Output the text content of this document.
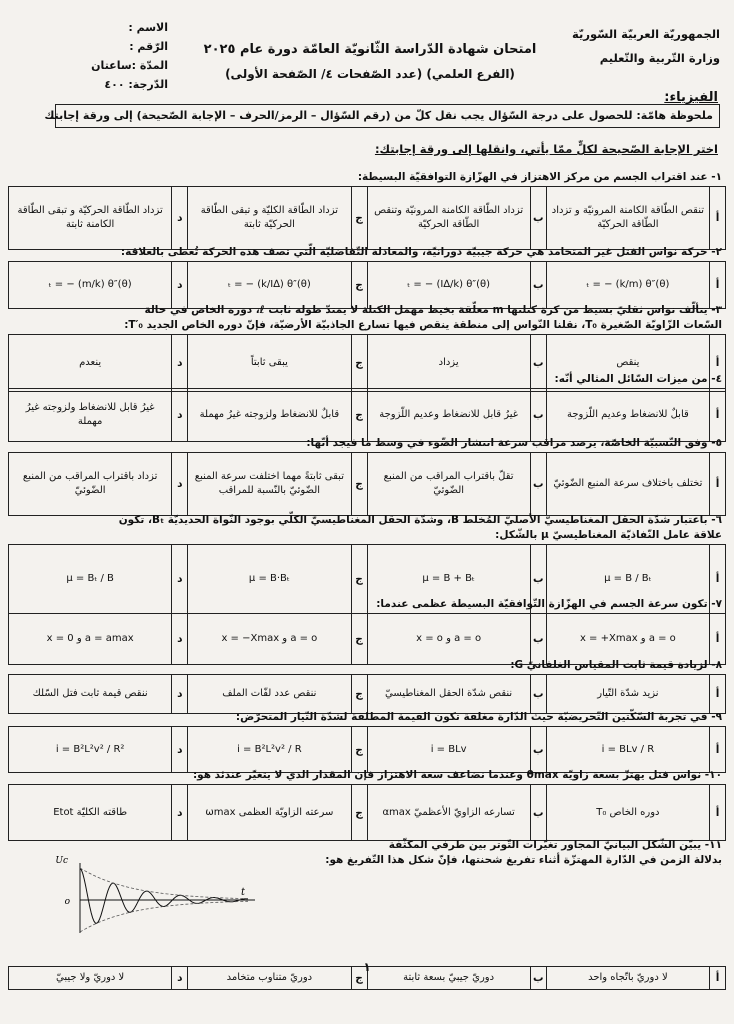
الجمهوريّة العربيّة السّوريّة
وزارة التّربية والتّعليم
امتحان شهادة الدّراسة الثّانويّة العامّة دورة عام ٢٠٢٥
(الفرع العلمي) (عدد الصّفحات ٤/ الصّفحة الأولى)
الاسم :
الرّقم :
المدّة :ساعتان
الدّرجة: ٤٠٠
الفيزياء:
ملحوظة هامّة: للحصول على درجة السّؤال يجب نقل كلّ من (رقم السّؤال – الرمز/الحرف – الإجابة الصّحيحة) إلى ورقة إجابتك
اختر الإجابة الصّحيحة لكلٍّ ممّا يأتي، وانقلها إلى ورقة إجابتك:
١- عند اقتراب الجسم من مركز الاهتزاز في الهزّازة التوافقيّة البسيطة:
أ
تنقص الطّاقة الكامنة المرونيّة و تزداد الطّاقة الحركيّة
ب
تزداد الطّاقة الكامنة المرونيّة وتنقص الطّاقة الحركيّة
ج
تزداد الطّاقة الكليّة و تبقى الطّاقة الحركيّة ثابتة
د
تزداد الطّاقة الحركيّة و تبقى الطّاقة الكامنة ثابتة
٢- حركة نواس الفتل غير المتخامد هي حركة جيبيّة دورانيّة، والمعادلة التّفاضليّة الّتي تصف هذه الحركة تُعطى بالعلاقة:
أ
(θ)″ₜ = − (k/m) θ
ب
(θ)″ₜ = − (I∆/k) θ
ج
(θ)″ₜ = − (k/I∆) θ
د
(θ)″ₜ = − (m/k) θ
٣- يتألّف نواس ثقليّ بسيط من كرة كتلتها m معلّقة بخيط مهمل الكتلة لا يمتدّ طوله ثابت ℓ، دوره الخاص في حالة
السّعات الزّاويّة الصّغيرة T₀، نقلنا النّواس إلى منطقة ينقص فيها تسارع الجاذبيّة الأرضيّة، فإنّ دوره الخاص الجديد T′₀:
أ
ينقص
ب
يزداد
ج
يبقى ثابتاً
د
ينعدم
٤- من ميزات السّائل المثالي أنّه:
أ
قابلٌ للانضغاط وعديم اللّزوجة
ب
غيرُ قابل للانضغاط وعديم اللّزوجة
ج
قابلٌ للانضغاط ولزوجته غيرُ مهملة
د
غيرُ قابل للانضغاط ولزوجته غيرُ مهملة
٥- وفق النّسبيّة الخاصّة، يرصد مراقب سرعة انتشار الضّوء في وسط ما فيجد أنّها:
أ
تختلف باختلاف سرعة المنبع الضّوئيّ
ب
تقلّ باقتراب المراقب من المنبع الضّوئيّ
ج
تبقى ثابتةً مهما اختلفت سرعة المنبع الضّوئيّ بالنّسبة للمراقب
د
تزداد باقتراب المراقب من المنبع الضّوئيّ
٦- باعتبار شدّة الحقل المغناطيسيّ الأصليّ المُخلط B، وشدّة الحقل المغناطيسيّ الكلّي بوجود النّواة الحديديّة Bₜ، تكون
علاقة عامل النّفاذيّة المغناطيسيّ μ بالشّكل:
أ
μ = B / Bₜ
ب
μ = B + Bₜ
ج
μ = B·Bₜ
د
μ = Bₜ / B
٧- تكون سرعة الجسم في الهزّازة التّوافقيّة البسيطة عظمى عندما:
أ
a = o و x = +Xmax
ب
a = o و x = o
ج
a = o و x = −Xmax
د
a = amax و x = 0
٨- لزيادة قيمة ثابت المقياس الغلفانيّ G:
أ
نزيد شدّة التّيار
ب
ننقص شدّة الحقل المغناطيسيّ
ج
ننقص عدد لفّات الملف
د
ننقص قيمة ثابت فتل السّلك
٩- في تجربة السّكّتين التّحريضيّة حيث الدّارة مغلقة تكون القيمة المطلقة لشدّة التّيار المتحرّض:
أ
i = BLv / R
ب
i = BLv
ج
i = B²L²v² / R
د
i = B²L²v² / R²
١٠- نواس فتل يهتزّ بسعة زاويّة θmax وعندما نضاعف سعة الاهتزاز فإن المقدار الذي لا يتغيّر عندئذ هو:
أ
دوره الخاص T₀
ب
تسارعه الزاويّ الأعظميّ αmax
ج
سرعته الزاويّة العظمى ωmax
د
طاقته الكليّة Etot
١١- يبيّن الشّكل البيانيّ المجاور تغيّرات التّوتر بين طرفي المكثّفة
بدلالة الزمن في الدّارة المهتزّة أثناء تفريغ شحنتها، فإنّ شكل هذا التّفريغ هو:
أ
لا دوريّ باتّجاه واحد
ب
دوريّ جيبيّ بسعة ثابتة
ج
دوريّ متناوب متخامد
د
لا دوريّ ولا جيبيّ
Uc
t
o
١
